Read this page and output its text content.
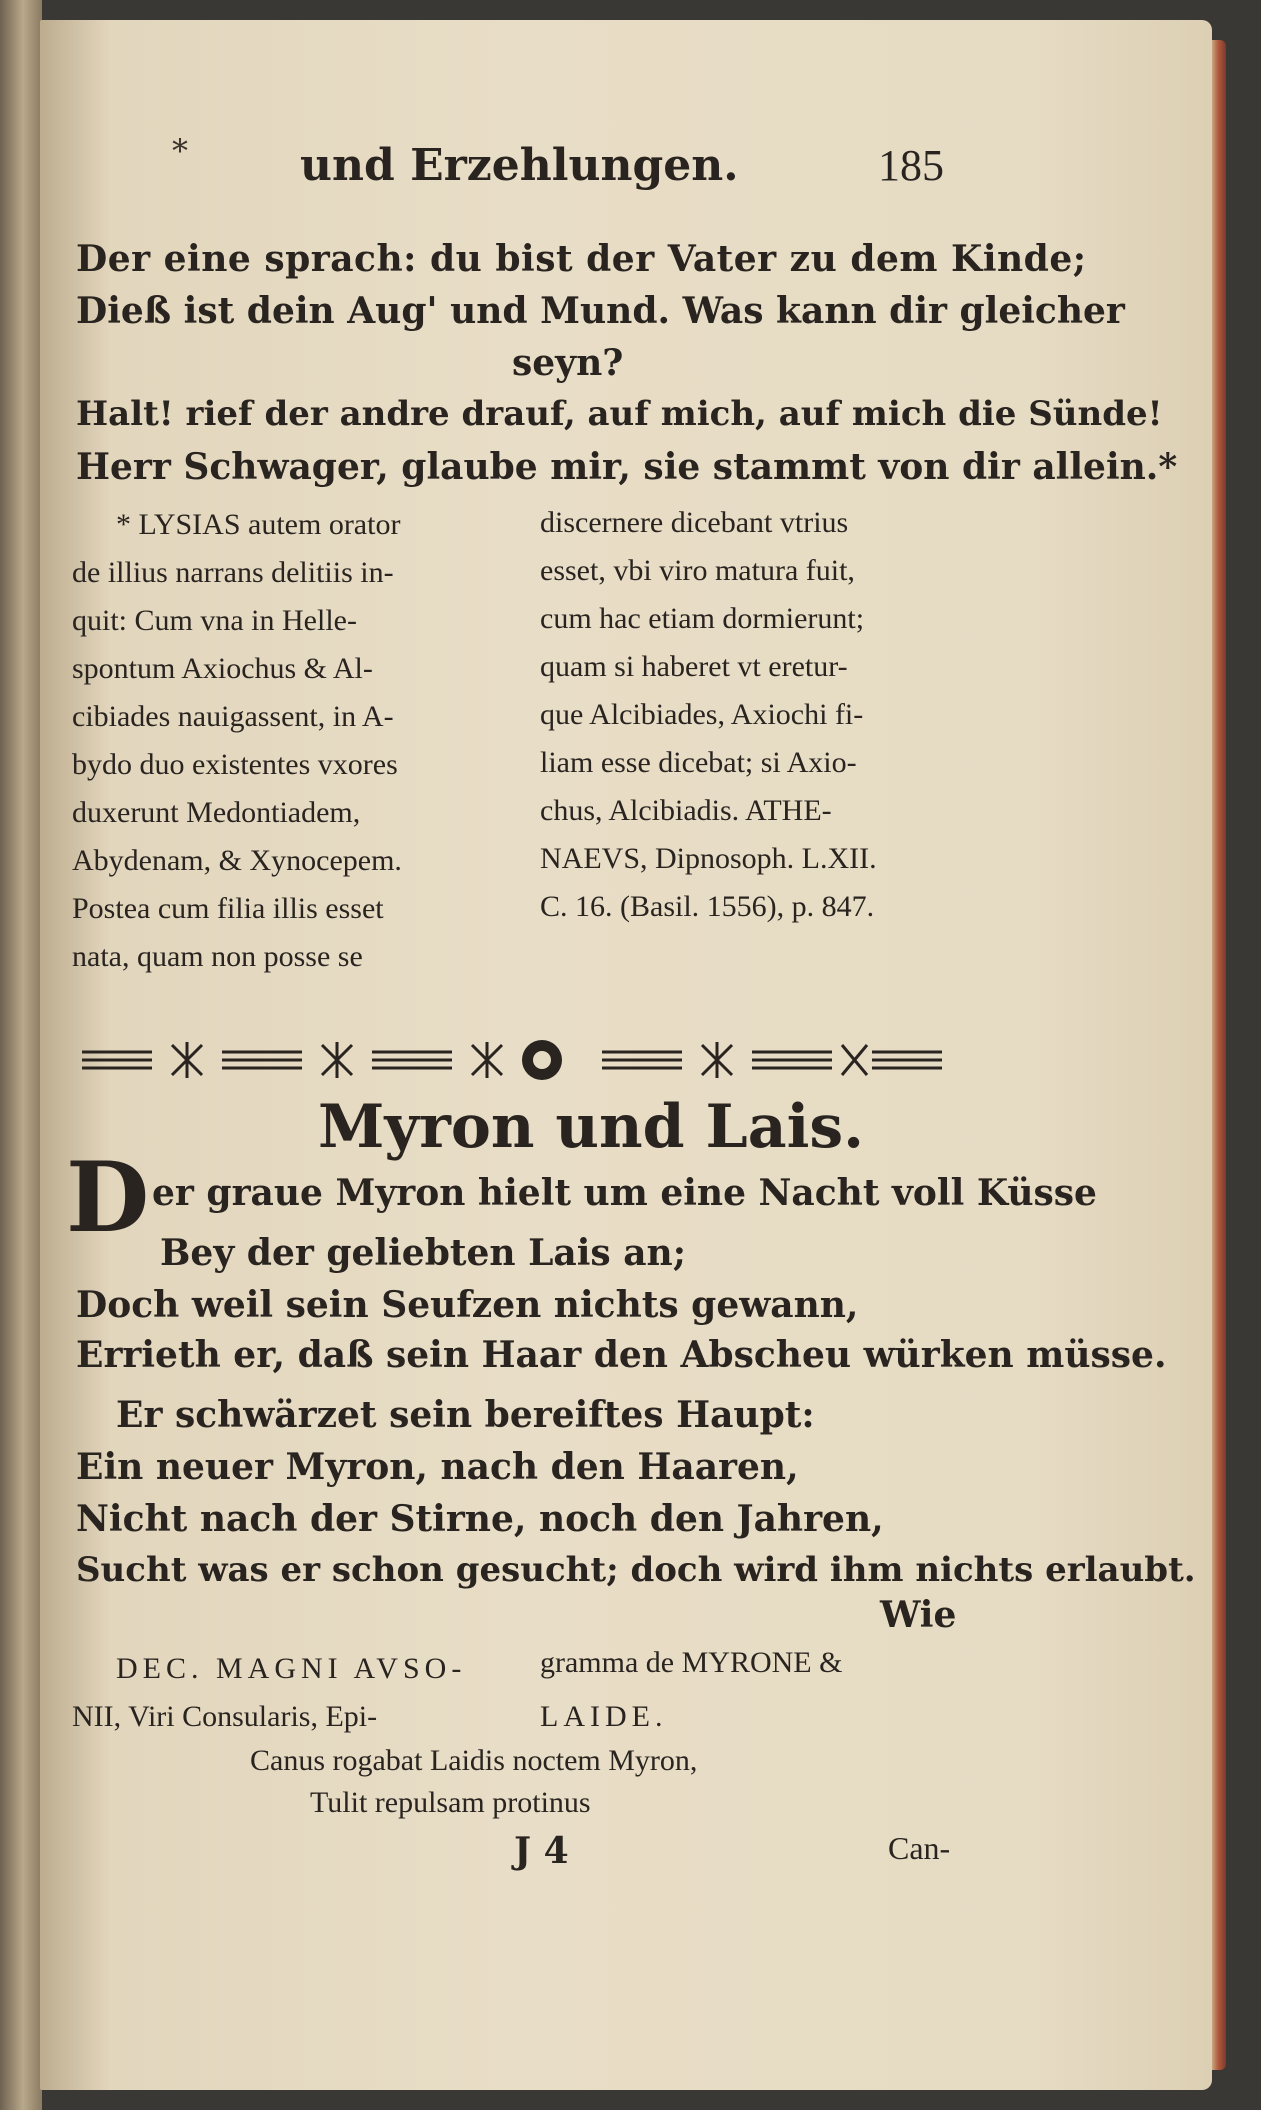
*	und Erzehlungen.	185
Der eine sprach: du bist der Vater zu dem Kinde;
Dieß ist dein Aug' und Mund. Was kann dir gleicher
seyn?
Halt! rief der andre drauf, auf mich, auf mich die Sünde!
Herr Schwager, glaube mir, sie stammt von dir allein.*
* LYSIAS autem orator
de illius narrans delitiis in-
quit: Cum vna in Helle-
spontum Axiochus & Al-
cibiades nauigassent, in A-
bydo duo existentes vxores
duxerunt Medontiadem,
Abydenam, & Xynocepem.
Postea cum filia illis esset
nata, quam non posse se
discernere dicebant vtrius
esset, vbi viro matura fuit,
cum hac etiam dormierunt;
quam si haberet vt eretur-
que Alcibiades, Axiochi fi-
liam esse dicebat; si Axio-
chus, Alcibiadis. ATHE-
NAEVS, Dipnosoph. L.XII.
C. 16. (Basil. 1556), p. 847.
Myron und Lais.
D er graue Myron hielt um eine Nacht voll Küsse
Bey der geliebten Lais an;
Doch weil sein Seufzen nichts gewann,
Errieth er, daß sein Haar den Abscheu würken müsse.
Er schwärzet sein bereiftes Haupt:
Ein neuer Myron, nach den Haaren,
Nicht nach der Stirne, noch den Jahren,
Sucht was er schon gesucht; doch wird ihm nichts erlaubt.
Wie
DEC. MAGNI AVSO-
NII, Viri Consularis, Epi-
gramma de MYRONE &
LAIDE.
Canus rogabat Laidis noctem Myron,
Tulit repulsam protinus
J 4	Can-
